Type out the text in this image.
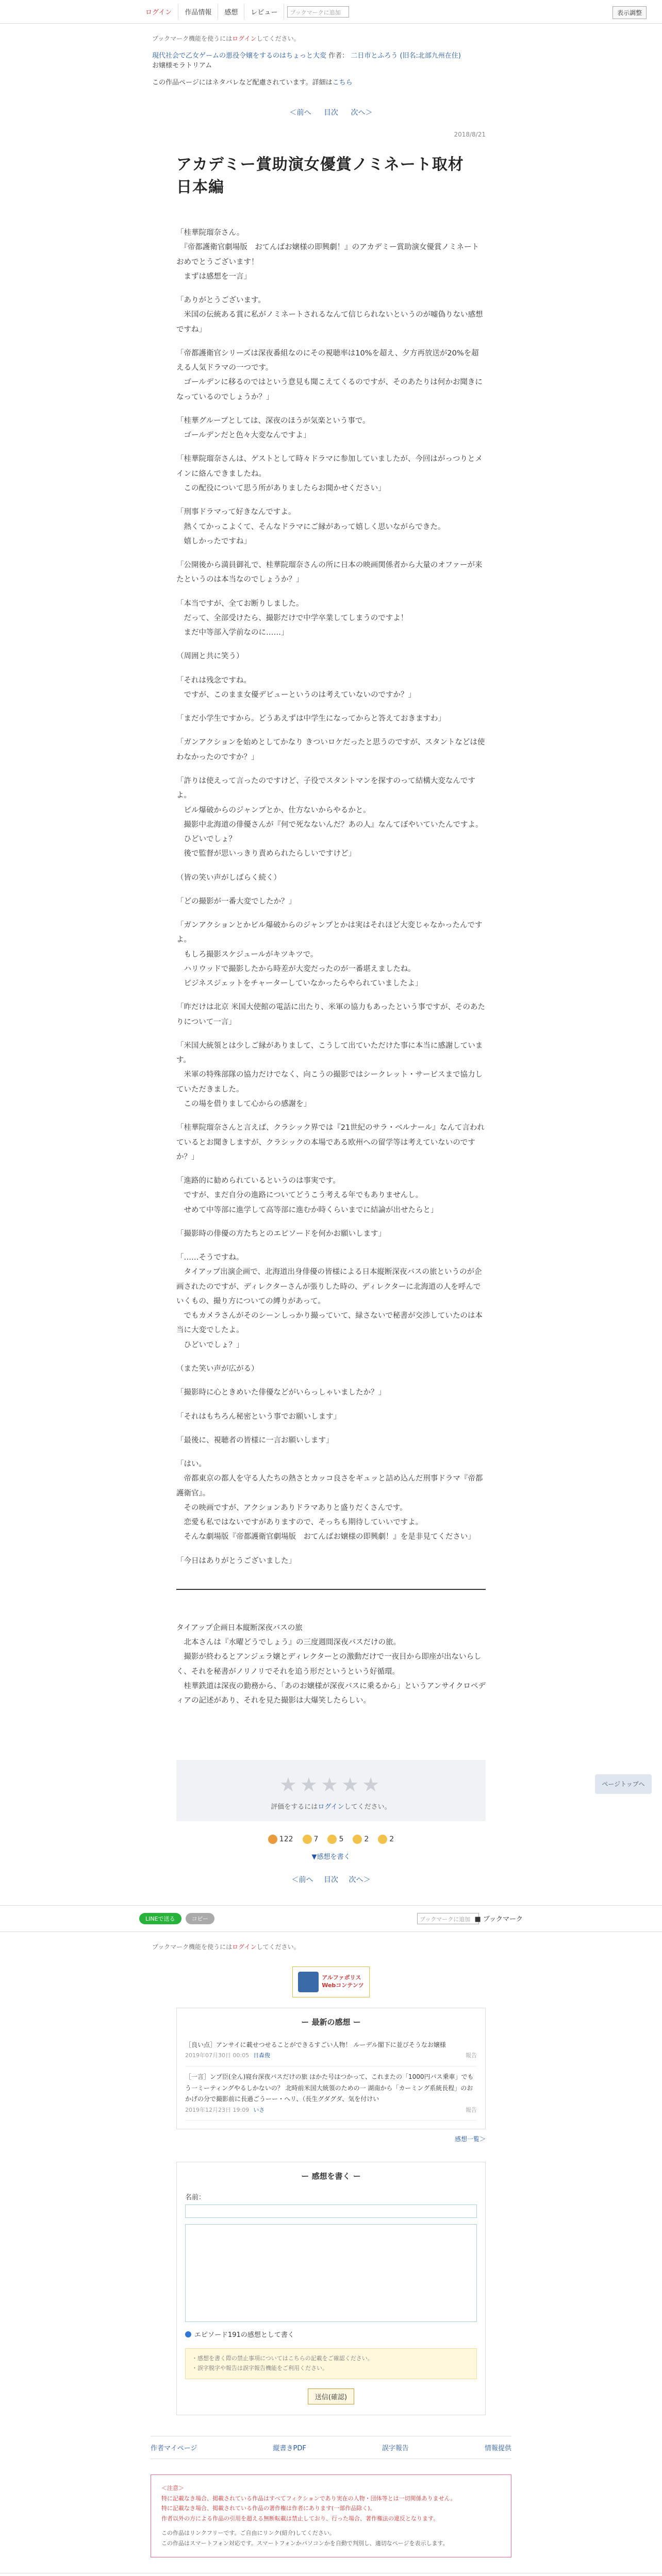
ログイン	作品情報	感想	レビュー	ブックマークに追加	表示調整
ブックマーク機能を使うにはログインしてください。
現代社会で乙女ゲームの悪役令嬢をするのはちょっと大変 作者： 二日市とふろう (旧名:北部九州在住)
お嬢様モラトリアム
この作品ページにはネタバレなど配慮されています。詳細はこちら
＜前へ 目次 次へ＞
2018/8/21
アカデミー賞助演女優賞ノミネート取材　日本編
「桂華院瑠奈さん。
　『帝都護衛官劇場版　おてんばお嬢様の即興劇！』のアカデミー賞助演女優賞ノミネートおめでとうございます！
　まずは感想を一言」
「ありがとうございます。
　米国の伝統ある賞に私がノミネートされるなんて信じられないというのが嘘偽りない感想ですね」
「帝都護衛官シリーズは深夜番組なのにその視聴率は10%を超え、夕方再放送が20%を超える人気ドラマの一つです。
　ゴールデンに移るのではという意見も聞こえてくるのですが、そのあたりは何かお聞きになっているのでしょうか？」
「桂華グループとしては、深夜のほうが気楽という事で。
　ゴールデンだと色々大変なんですよ」
「桂華院瑠奈さんは、ゲストとして時々ドラマに参加していましたが、今回はがっつりとメインに絡んできましたね。
　この配役について思う所がありましたらお聞かせください」
「刑事ドラマって好きなんですよ。
　熱くてかっこよくて、そんなドラマにご縁があって嬉しく思いながらできた。
　嬉しかったですね」
「公開後から満員御礼で、桂華院瑠奈さんの所に日本の映画関係者から大量のオファーが来たというのは本当なのでしょうか？」
「本当ですが、全てお断りしました。
　だって、全部受けたら、撮影だけで中学卒業してしまうのですよ！
　まだ中等部入学前なのに……」
（周囲と共に笑う）
「それは残念ですね。
　ですが、このまま女優デビューというのは考えていないのですか？」
「まだ小学生ですから。どうあえずは中学生になってからと答えておきますわ」
「ガンアクションを始めとしてかなり きついロケだったと思うのですが、スタントなどは使わなかったのですか？」
「許りは使えって言ったのですけど、子役でスタントマンを探すのって結構大変なんですよ。
　ビル爆破からのジャンプとか、仕方ないからやるかと。
　撮影中北海道の俳優さんが『何で死なないんだ？あの人』なんてぼやいていたんですよ。
　ひどいでしょ？
　後で監督が思いっきり責められたらしいですけど」
（皆の笑い声がしばらく続く）
「どの撮影が一番大変でしたか？」
「ガンアクションとかビル爆破からのジャンプとかは実はそれほど大変じゃなかったんですよ。
　もしろ撮影スケジュールがキツキツで。
　ハリウッドで撮影したから時差が大変だったのが一番堪えましたね。
　ビジネスジェットをチャーターしていなかったらやられていましたよ」
「昨だけは北京 米国大使館の電話に出たり、米軍の協力もあったという事ですが、そのあたりについて一言」
「米国大統領とは少しご縁がありまして、こうして出ていただけた事に本当に感謝しています。
　米軍の特殊部隊の協力だけでなく、向こうの撮影ではシークレット・サービスまで協力していただきました。
　この場を借りまして心からの感謝を」
「桂華院瑠奈さんと言えば、クラシック界では『21世紀のサラ・ベルナール』なんて言われているとお聞きしますが、クラシックの本場である欧州への留学等は考えていないのですか？」
「進路的に勧められているというのは事実です。
　ですが、まだ自分の進路についてどうこう考える年でもありませんし。
　せめて中等部に進学して高等部に進むか時くらいまでに結論が出せたらと」
「撮影時の俳優の方たちとのエピソードを何かお願いします」
「……そうですね。
　タイアップ出演企画で、北海道出身俳優の皆様による日本縦断深夜バスの旅というのが企画されたのですが、ディレクターさんが張りした時の、ディレクターに北海道の人を呼んでいくもの、撮り方についての縛りがあって。
　でもカメラさんがそのシーンしっかり撮っていて、緑さないで秘書が交渉していたのは本当に大変でしたよ。
　ひどいでしょ？」
（また笑い声が広がる）
「撮影時に心ときめいた俳優などがいらっしゃいましたか？」
「それはもちろん秘密という事でお願いします」
「最後に、視聴者の皆様に一言お願いします」
「はい。
　帝都東京の都人を守る人たちの熱さとカッコ良さをギュッと詰め込んだ刑事ドラマ『帝都護衛官』。
　その映画ですが、アクションありドラマありと盛りだくさんです。
　恋愛も私ではないですがありますので、そっちも期待していいですよ。
　そんな劇場版『帝都護衛官劇場版　おてんばお嬢様の即興劇！』を是非見てください」
「今日はありがとうございました」
タイアップ企画日本縦断深夜バスの旅
　北本さんは『水曜どうでしょう』の三度週間深夜バスだけの旅。
　撮影が終わるとアンジェラ嬢とディレクターとの激動だけで一夜目から即座が出ないらしく、それを秘書がノリノリでそれを追う形だというという好循環。
　桂華鉄道は深夜の勤務から、「あのお嬢様が深夜バスに乗るから」というアンサイクロペディアの記述があり、それを見た撮影は大爆笑したらしい。
★★★★★
評価をするにはログインしてください。
122	7	5	2	2
▼感想を書く
＜前へ 目次 次へ＞
LINEで送る	コピー	ブックマークに追加 ■ ブックマーク
ページトップへ
ブックマーク機能を使うにはログインしてください。
アルファポリス
Webコンテンツ
ー 最新の感想 ー
［良い点］アンサイに載せつせることができるすごい人物！ ルーデル閣下に並びそうなお嬢様
2019年07月30日 00:05 日森俊	報告
［一言］ンプ臣(全ん)寝台深夜バスだけの旅 はかた号はつかって、これまたの「1000円バス乗車」でもう一ミーティングやるしかないの？ 北時前米国大統領のための一 湖南から「カーミング系統長程」のおかげの分で撮影前に長過ごうーー・ヘリ、（長生グダグダ、気を付けい
2019年12月23日 19:09 いさ	報告
感想一覧＞
ー 感想を書く ー
名前：
エピソード191の感想として書く
・感想を書く際の禁止事項についてはこちらの記載をご確認ください。
・誤字脱字や報告は誤字報告機能をご利用ください。
送信(確認)
作者マイページ	縦書きPDF	誤字報告	情報提供
＜注意＞
特に記載なき場合、掲載されている作品はすべてフィクションであり実在の人物・団体等とは一切関係ありません。
特に記載なき場合、掲載されている作品の著作権は作者にあります(一部作品除く)。
作者以外の方による作品の引用を超える無断転載は禁止しており、行った場合、著作権法の違反となります。
この作品はリンクフリーです。ご自由にリンク(紹介)してください。
この作品はスマートフォン対応です。スマートフォンかパソコンかを自動で判別し、適切なページを表示します。
